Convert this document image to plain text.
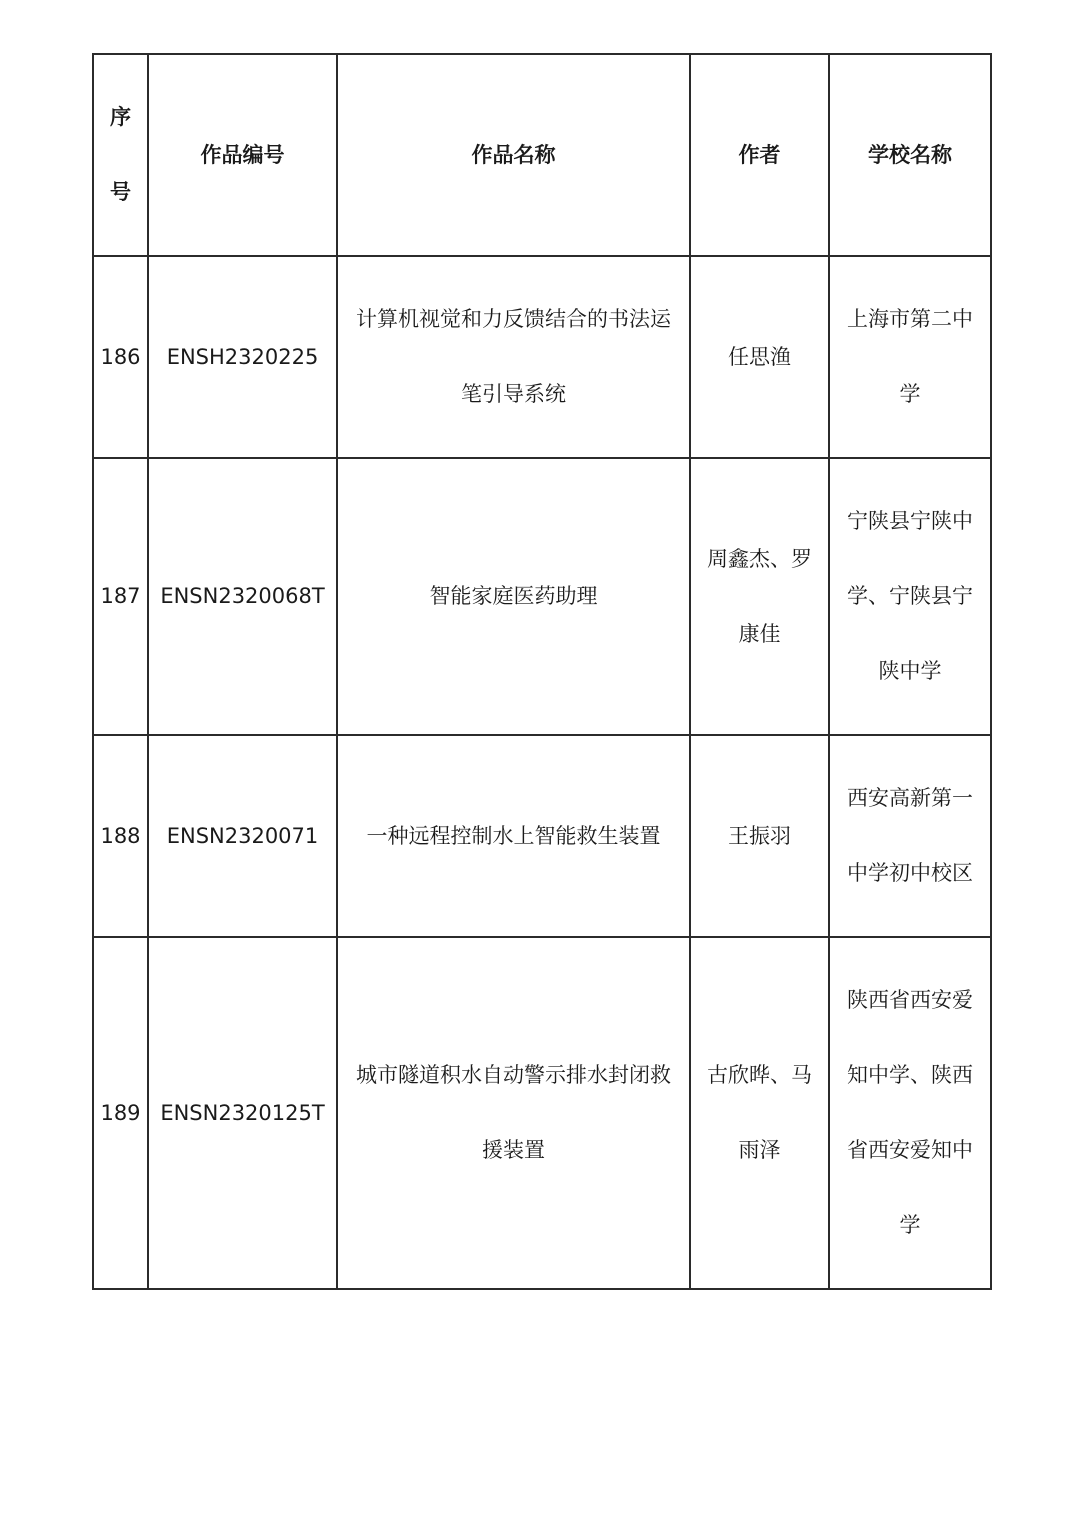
序号	作品编号	作品名称	作者	学校名称

186	ENSH2320225	计算机视觉和力反馈结合的书法运笔引导系统	任思渔	上海市第二中学

187	ENSN2320068T	智能家庭医药助理	周鑫杰、罗康佳	宁陕县宁陕中学、宁陕县宁陕中学

188	ENSN2320071	一种远程控制水上智能救生装置	王振羽	西安高新第一中学初中校区

189	ENSN2320125T	城市隧道积水自动警示排水封闭救援装置	古欣晔、马雨泽	陕西省西安爱知中学、陕西省西安爱知中学
